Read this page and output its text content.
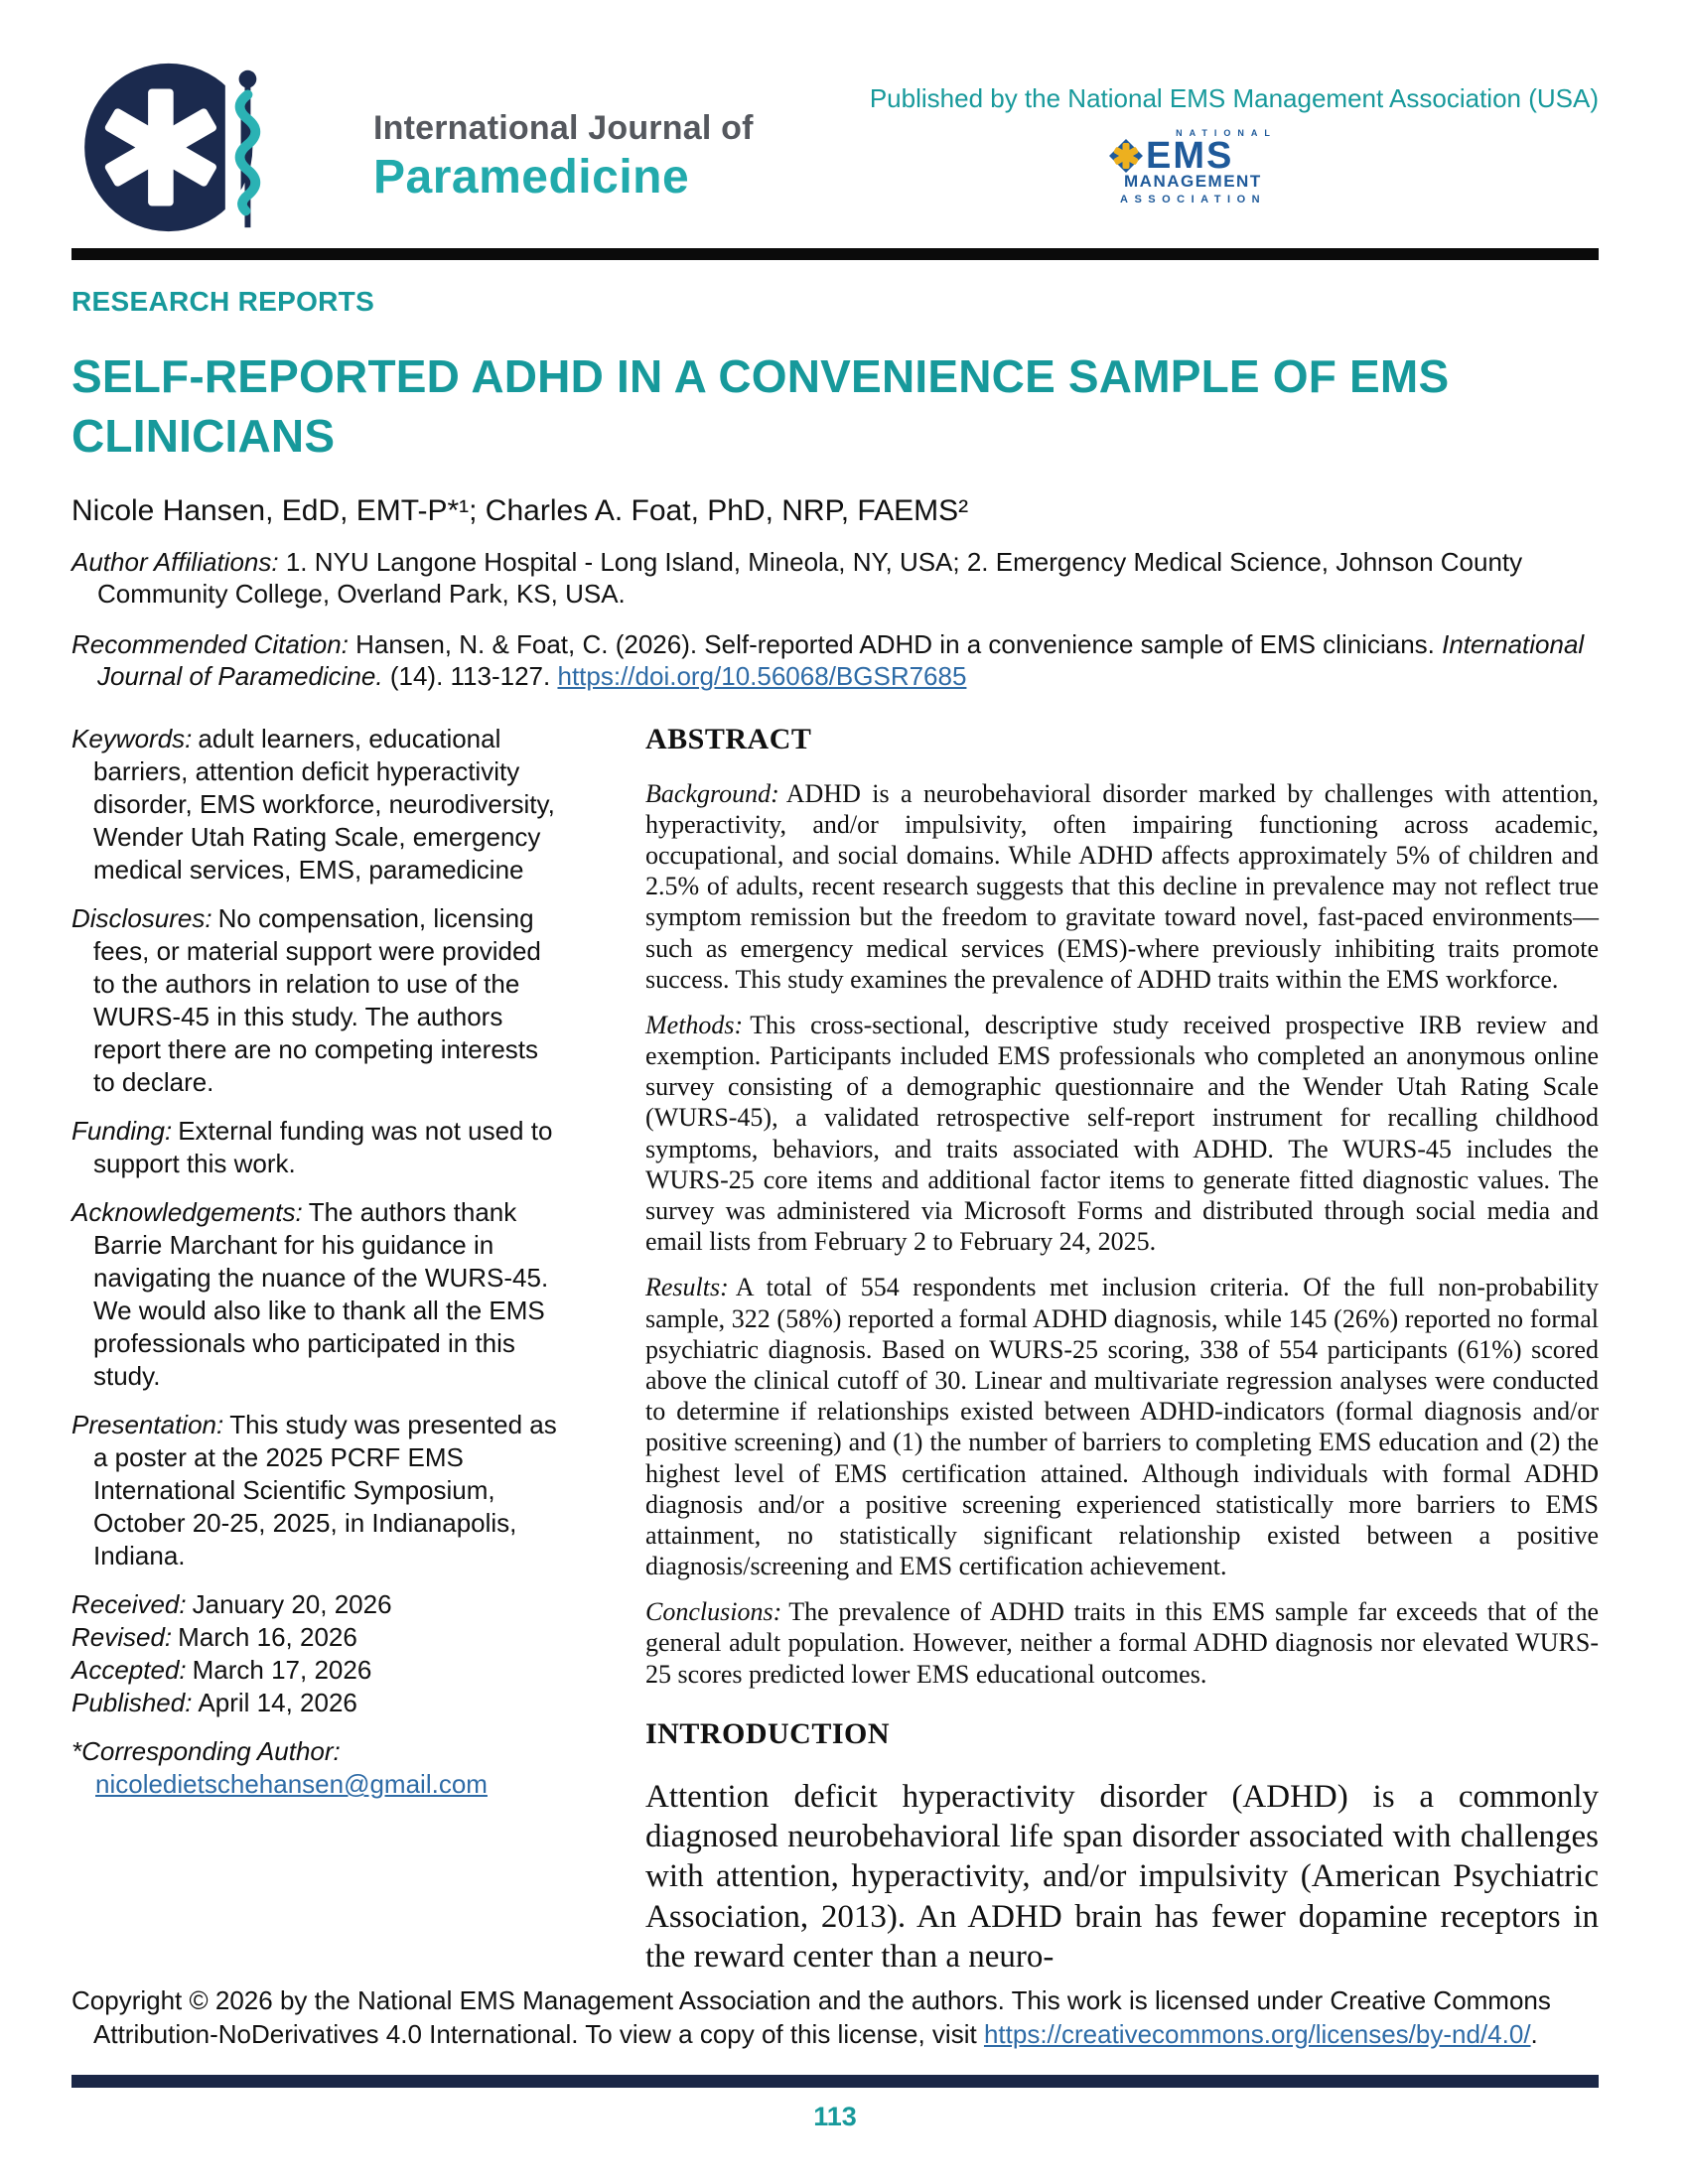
International Journal of
Paramedicine
Published by the National EMS Management Association (USA)
NATIONAL
EMS
MANAGEMENT
ASSOCIATION
RESEARCH REPORTS
SELF-REPORTED ADHD IN A CONVENIENCE SAMPLE OF EMS CLINICIANS
Nicole Hansen, EdD, EMT-P*¹; Charles A. Foat, PhD, NRP, FAEMS²

Author Affiliations: 1. NYU Langone Hospital - Long Island, Mineola, NY, USA; 2. Emergency Medical Science, Johnson County Community College, Overland Park, KS, USA.

Recommended Citation: Hansen, N. & Foat, C. (2026). Self-reported ADHD in a convenience sample of EMS clinicians. International Journal of Paramedicine. (14). 113-127. https://doi.org/10.56068/BGSR7685

Keywords: adult learners, educational barriers, attention deficit hyperactivity disorder, EMS workforce, neurodiversity, Wender Utah Rating Scale, emergency medical services, EMS, paramedicine

Disclosures: No compensation, licensing fees, or material support were provided to the authors in relation to use of the WURS-45 in this study. The authors report there are no competing interests to declare.

Funding: External funding was not used to support this work.

Acknowledgements: The authors thank Barrie Marchant for his guidance in navigating the nuance of the WURS-45. We would also like to thank all the EMS professionals who participated in this study.

Presentation: This study was presented as a poster at the 2025 PCRF EMS International Scientific Symposium, October 20-25, 2025, in Indianapolis, Indiana.

Received: January 20, 2026

Revised: March 16, 2026

Accepted: March 17, 2026

Published: April 14, 2026

*Corresponding Author:
nicoledietschehansen@gmail.com

ABSTRACT

Background: ADHD is a neurobehavioral disorder marked by challenges with attention, hyperactivity, and/or impulsivity, often impairing functioning across academic, occupational, and social domains. While ADHD affects approximately 5% of children and 2.5% of adults, recent research suggests that this decline in prevalence may not reflect true symptom remission but the freedom to gravitate toward novel, fast-paced environments—such as emergency medical services (EMS)-where previously inhibiting traits promote success. This study examines the prevalence of ADHD traits within the EMS workforce.

Methods: This cross-sectional, descriptive study received prospective IRB review and exemption. Participants included EMS professionals who completed an anonymous online survey consisting of a demographic questionnaire and the Wender Utah Rating Scale (WURS-45), a validated retrospective self-report instrument for recalling childhood symptoms, behaviors, and traits associated with ADHD. The WURS-45 includes the WURS-25 core items and additional factor items to generate fitted diagnostic values. The survey was administered via Microsoft Forms and distributed through social media and email lists from February 2 to February 24, 2025.

Results: A total of 554 respondents met inclusion criteria. Of the full non-probability sample, 322 (58%) reported a formal ADHD diagnosis, while 145 (26%) reported no formal psychiatric diagnosis. Based on WURS-25 scoring, 338 of 554 participants (61%) scored above the clinical cutoff of 30. Linear and multivariate regression analyses were conducted to determine if relationships existed between ADHD-indicators (formal diagnosis and/or positive screening) and (1) the number of barriers to completing EMS education and (2) the highest level of EMS certification attained. Although individuals with formal ADHD diagnosis and/or a positive screening experienced statistically more barriers to EMS attainment, no statistically significant relationship existed between a positive diagnosis/screening and EMS certification achievement.

Conclusions: The prevalence of ADHD traits in this EMS sample far exceeds that of the general adult population. However, neither a formal ADHD diagnosis nor elevated WURS-25 scores predicted lower EMS educational outcomes.

INTRODUCTION

Attention deficit hyperactivity disorder (ADHD) is a commonly diagnosed neurobehavioral life span disorder associated with challenges with attention, hyperactivity, and/or impulsivity (American Psychiatric Association, 2013). An ADHD brain has fewer dopamine receptors in the reward center than a neuro-

Copyright © 2026 by the National EMS Management Association and the authors. This work is licensed under Creative Commons Attribution-NoDerivatives 4.0 International. To view a copy of this license, visit https://creativecommons.org/licenses/by-nd/4.0/.

113
